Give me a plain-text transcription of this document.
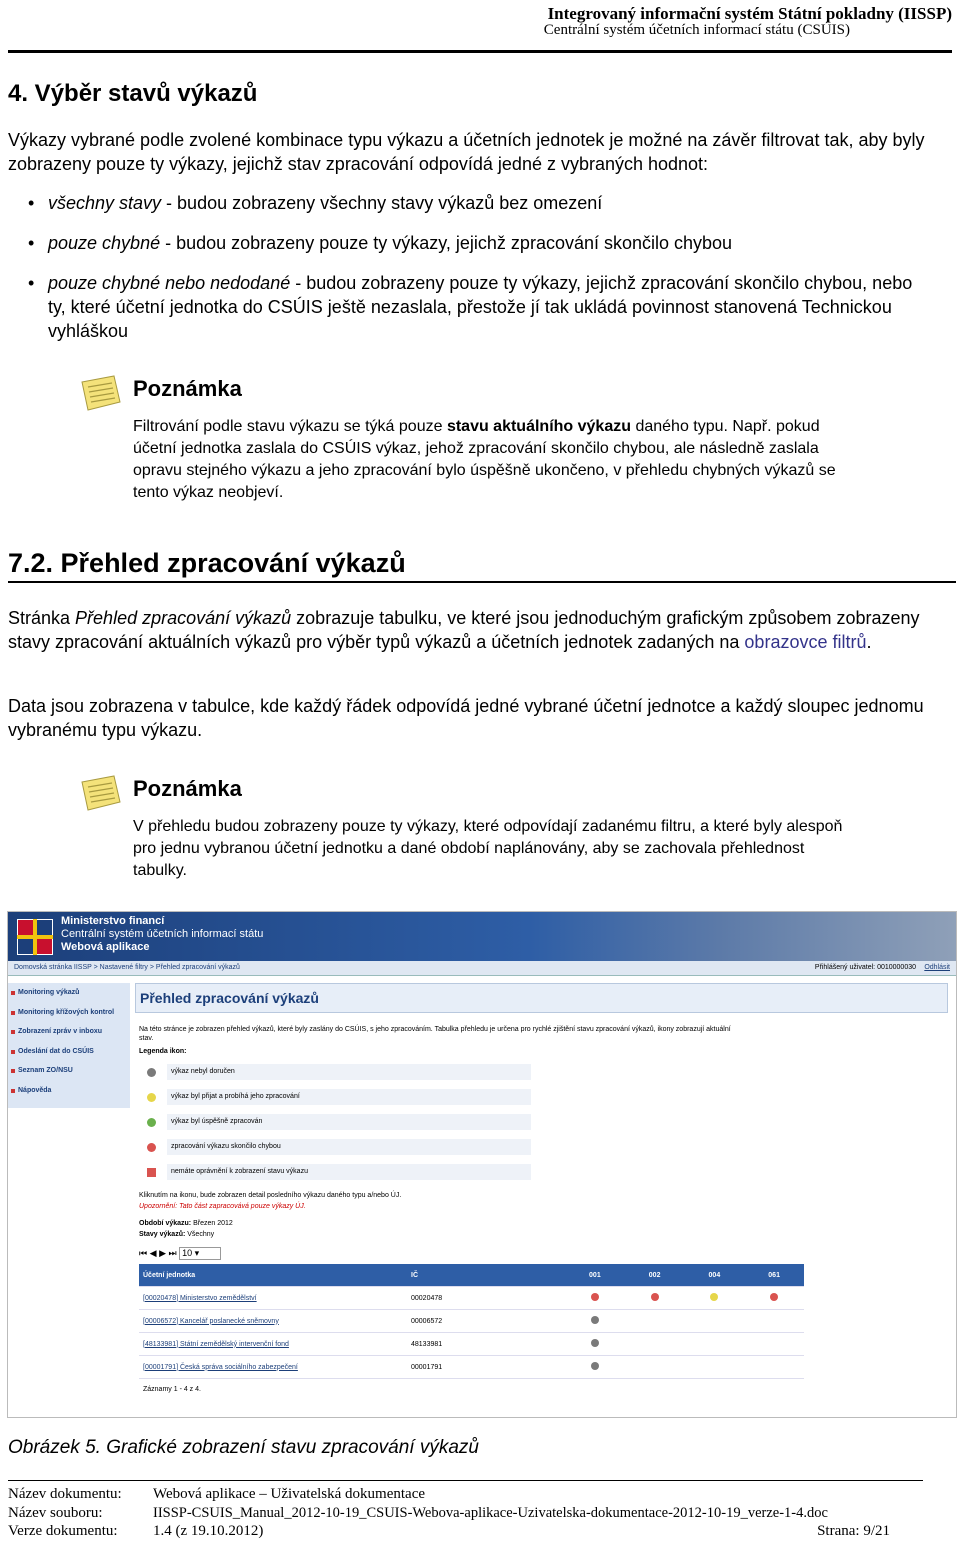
Integrovaný informační systém Státní pokladny (IISSP)
Centrální systém účetních informací státu (CSÚIS)
4. Výběr stavů výkazů
Výkazy vybrané podle zvolené kombinace typu výkazu a účetních jednotek je možné na závěr filtrovat tak, aby byly zobrazeny pouze ty výkazy, jejichž stav zpracování odpovídá jedné z vybraných hodnot:
• všechny stavy - budou zobrazeny všechny stavy výkazů bez omezení
• pouze chybné - budou zobrazeny pouze ty výkazy, jejichž zpracování skončilo chybou
• pouze chybné nebo nedodané - budou zobrazeny pouze ty výkazy, jejichž zpracování skončilo chybou, nebo ty, které účetní jednotka do CSÚIS ještě nezaslala, přestože jí tak ukládá povinnost stanovená Technickou vyhláškou
Poznámka
Filtrování podle stavu výkazu se týká pouze stavu aktuálního výkazu daného typu. Např. pokud účetní jednotka zaslala do CSÚIS výkaz, jehož zpracování skončilo chybou, ale následně zaslala opravu stejného výkazu a jeho zpracování bylo úspěšně ukončeno, v přehledu chybných výkazů se tento výkaz neobjeví.
7.2. Přehled zpracování výkazů
Stránka Přehled zpracování výkazů zobrazuje tabulku, ve které jsou jednoduchým grafickým způsobem zobrazeny stavy zpracování aktuálních výkazů pro výběr typů výkazů a účetních jednotek zadaných na obrazovce filtrů.
Data jsou zobrazena v tabulce, kde každý řádek odpovídá jedné vybrané účetní jednotce a každý sloupec jednomu vybranému typu výkazu.
Poznámka
V přehledu budou zobrazeny pouze ty výkazy, které odpovídají zadanému filtru, a které byly alespoň pro jednu vybranou účetní jednotku a dané období naplánovány, aby se zachovala přehlednost tabulky.
Ministerstvo financí
Centrální systém účetních informací státu
Webová aplikace
Domovská stránka IISSP > Nastavené filtry > Přehled zpracování výkazů	Přihlášený uživatel: 0010000030 Odhlásit
Monitoring výkazů
Monitoring křížových kontrol
Zobrazení zpráv v inboxu
Odeslání dat do CSÚIS
Seznam ZO/NSU
Nápověda
Přehled zpracování výkazů
Na této stránce je zobrazen přehled výkazů, které byly zaslány do CSÚIS, s jeho zpracováním. Tabulka přehledu je určena pro rychlé zjištění stavu zpracování výkazů, ikony zobrazují aktuální stav.
Legenda ikon:
výkaz nebyl doručen
výkaz byl přijat a probíhá jeho zpracování
výkaz byl úspěšně zpracován
zpracování výkazu skončilo chybou
nemáte oprávnění k zobrazení stavu výkazu
Kliknutím na ikonu, bude zobrazen detail posledního výkazu daného typu a/nebo ÚJ.
Upozornění: Tato část zapracovává pouze výkazy ÚJ.
Období výkazu: Březen 2012
Stavy výkazů: Všechny
⏮ ◀ ▶ ⏭ 10 ▾
Účetní jednotka	IČ	001	002	004	061
[00020478] Ministerstvo zemědělství	00020478				
[00006572] Kancelář poslanecké sněmovny	00006572				
[48133981] Státní zemědělský intervenční fond	48133981				
[00001791] Česká správa sociálního zabezpečení	00001791				
Záznamy 1 - 4 z 4.
Obrázek 5. Grafické zobrazení stavu zpracování výkazů
Název dokumentu: Webová aplikace – Uživatelská dokumentace
Název souboru:	IISSP-CSUIS_Manual_2012-10-19_CSUIS-Webova-aplikace-Uzivatelska-dokumentace-2012-10-19_verze-1-4.doc
Verze dokumentu: 1.4 (z 19.10.2012)	Strana: 9/21
